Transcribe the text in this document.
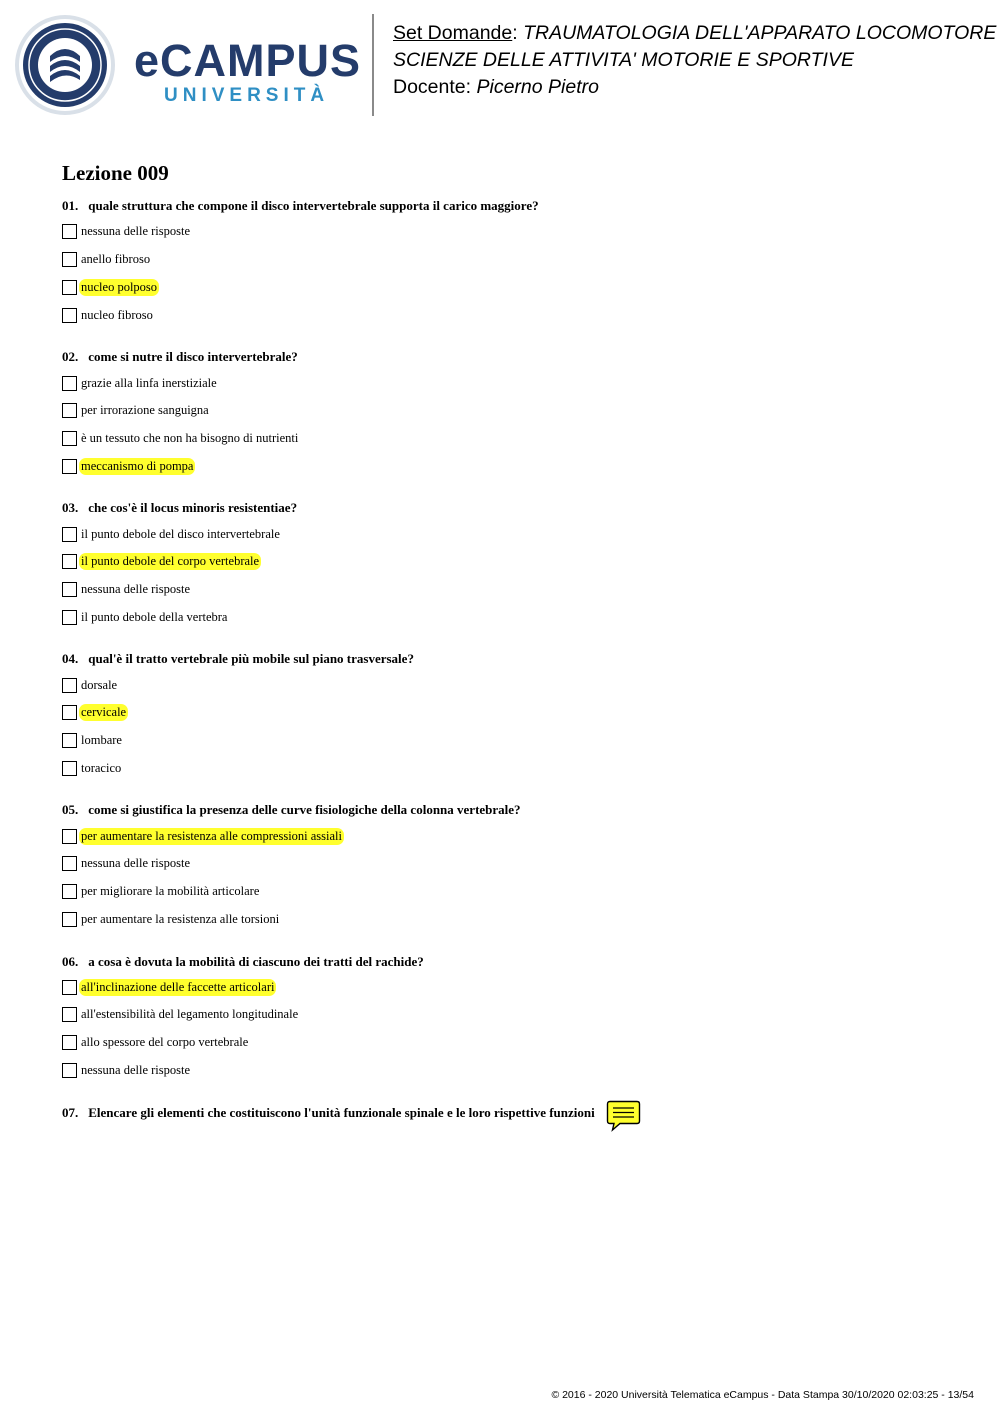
eCAMPUS
UNIVERSITÀ
Set Domande: TRAUMATOLOGIA DELL'APPARATO LOCOMOTORE
SCIENZE DELLE ATTIVITA' MOTORIE E SPORTIVE
Docente: Picerno Pietro
Lezione 009
01. quale struttura che compone il disco intervertebrale supporta il carico maggiore?
nessuna delle risposte
anello fibroso
nucleo polposo
nucleo fibroso
02. come si nutre il disco intervertebrale?
grazie alla linfa inerstiziale
per irrorazione sanguigna
è un tessuto che non ha bisogno di nutrienti
meccanismo di pompa
03. che cos'è il locus minoris resistentiae?
il punto debole del disco intervertebrale
il punto debole del corpo vertebrale
nessuna delle risposte
il punto debole della vertebra
04. qual'è il tratto vertebrale più mobile sul piano trasversale?
dorsale
cervicale
lombare
toracico
05. come si giustifica la presenza delle curve fisiologiche della colonna vertebrale?
per aumentare la resistenza alle compressioni assiali
nessuna delle risposte
per migliorare la mobilità articolare
per aumentare la resistenza alle torsioni
06. a cosa è dovuta la mobilità di ciascuno dei tratti del rachide?
all'inclinazione delle faccette articolari
all'estensibilità del legamento longitudinale
allo spessore del corpo vertebrale
nessuna delle risposte
07. Elencare gli elementi che costituiscono l'unità funzionale spinale e le loro rispettive funzioni
© 2016 - 2020 Università Telematica eCampus - Data Stampa 30/10/2020 02:03:25 - 13/54
